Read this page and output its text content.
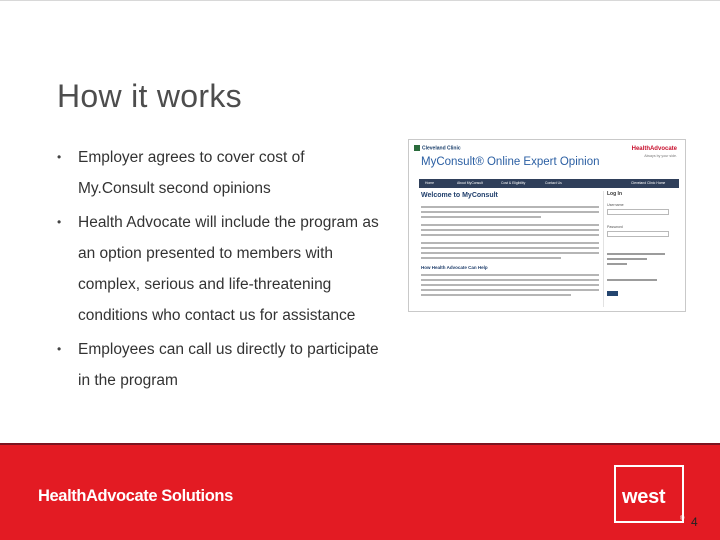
How it works
• Employer agrees to cover cost of My.Consult second opinions
• Health Advocate will include the program as an option presented to members with complex, serious and life-threatening conditions who contact us for assistance
• Employees can call us directly to participate in the program
Cleveland Clinic
MyConsult® Online Expert Opinion
HealthAdvocate
Always by your side.
Home	About MyConsult	Cost & Eligibility	Contact Us	Cleveland Clinic Home
Welcome to MyConsult
How Health Advocate Can Help
Log In
Username
Password
HealthAdvocate Solutions	west
® 4
